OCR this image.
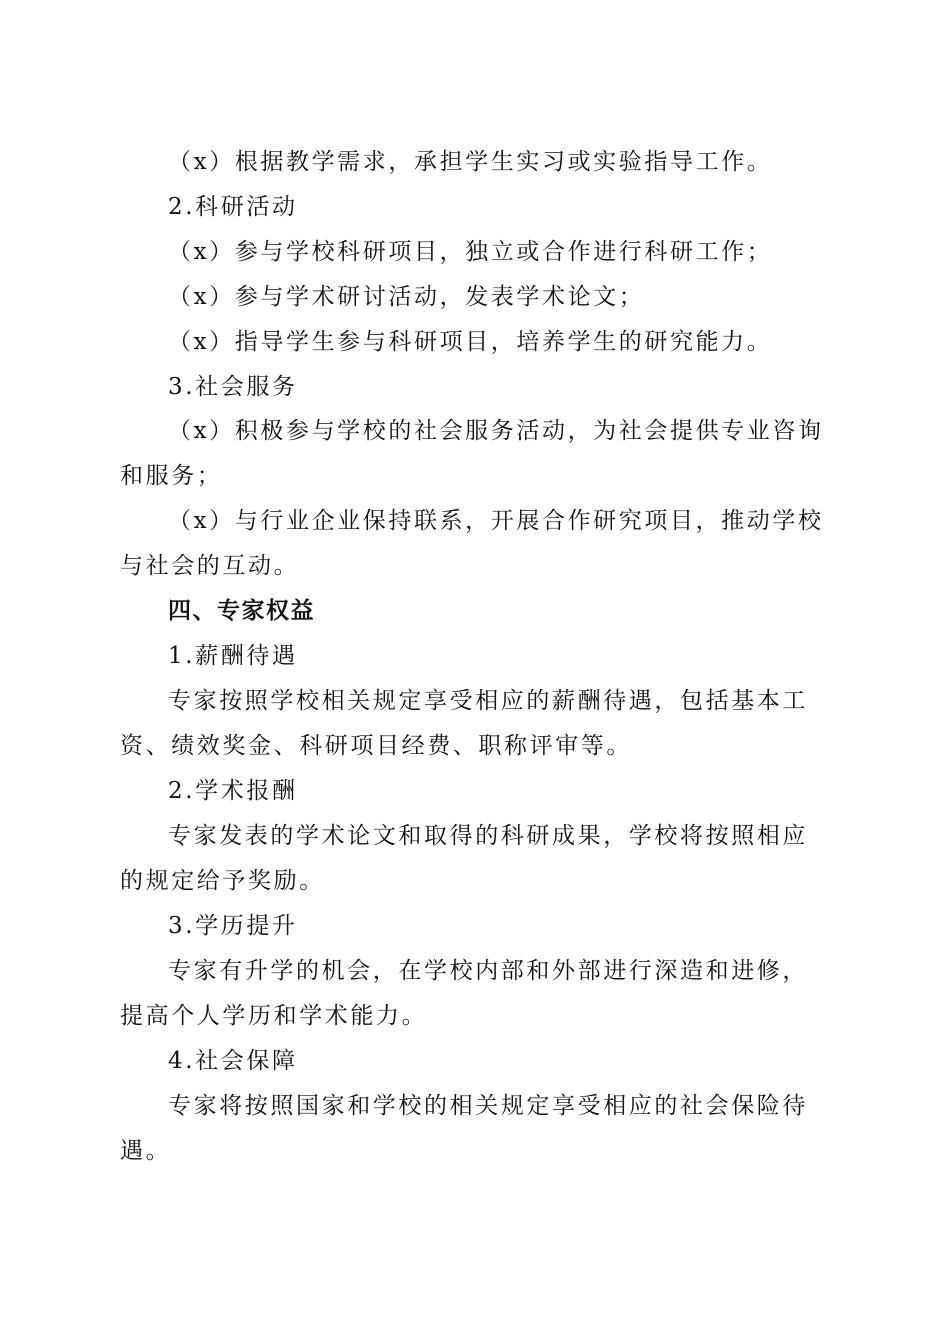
（x）根据教学需求，承担学生实习或实验指导工作。
2.科研活动
（x）参与学校科研项目，独立或合作进行科研工作；
（x）参与学术研讨活动，发表学术论文；
（x）指导学生参与科研项目，培养学生的研究能力。
3.社会服务
（x）积极参与学校的社会服务活动，为社会提供专业咨询
和服务；
（x）与行业企业保持联系，开展合作研究项目，推动学校
与社会的互动。
四、专家权益
1.薪酬待遇
专家按照学校相关规定享受相应的薪酬待遇，包括基本工
资、绩效奖金、科研项目经费、职称评审等。
2.学术报酬
专家发表的学术论文和取得的科研成果，学校将按照相应
的规定给予奖励。
3.学历提升
专家有升学的机会，在学校内部和外部进行深造和进修，
提高个人学历和学术能力。
4.社会保障
专家将按照国家和学校的相关规定享受相应的社会保险待
遇。
